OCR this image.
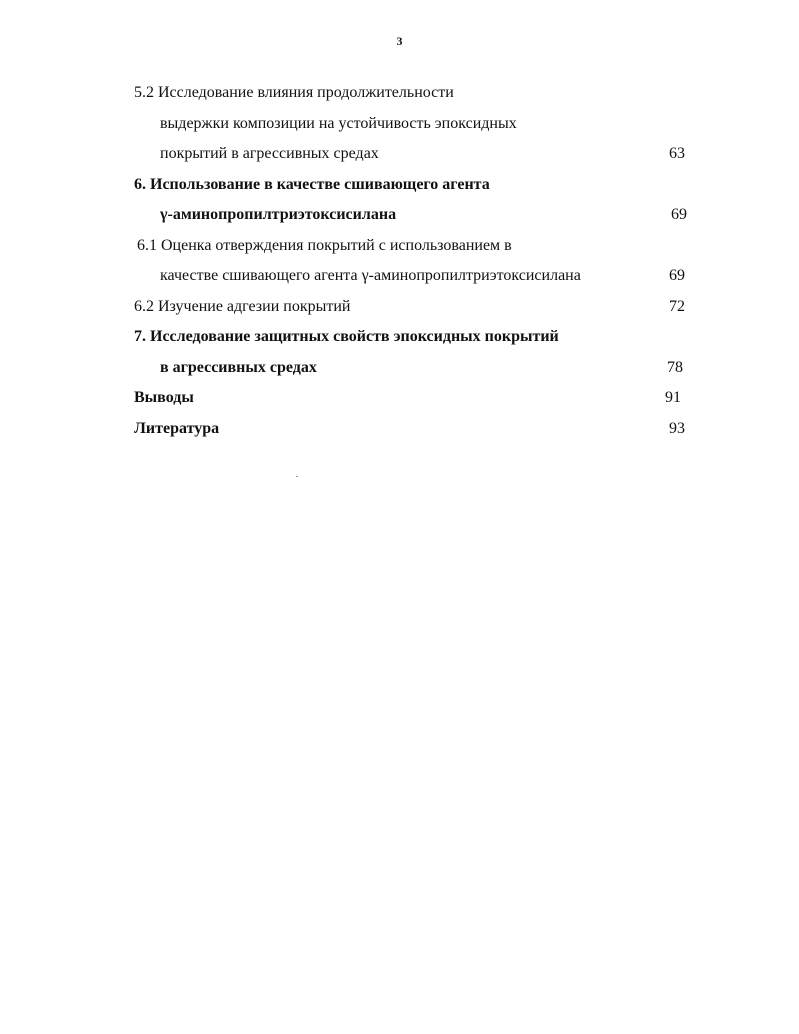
3
5.2 Исследование влияния продолжительности
выдержки композиции на устойчивость эпоксидных
покрытий в агрессивных средах	63
6. Использование в качестве сшивающего агента
γ-аминопропилтриэтоксисилана	69
6.1 Оценка отверждения покрытий с использованием в
качестве сшивающего агента γ-аминопропилтриэтоксисилана	69
6.2 Изучение адгезии покрытий	72
7. Исследование защитных свойств эпоксидных покрытий
в агрессивных средах	78
Выводы	91
Литература	93
